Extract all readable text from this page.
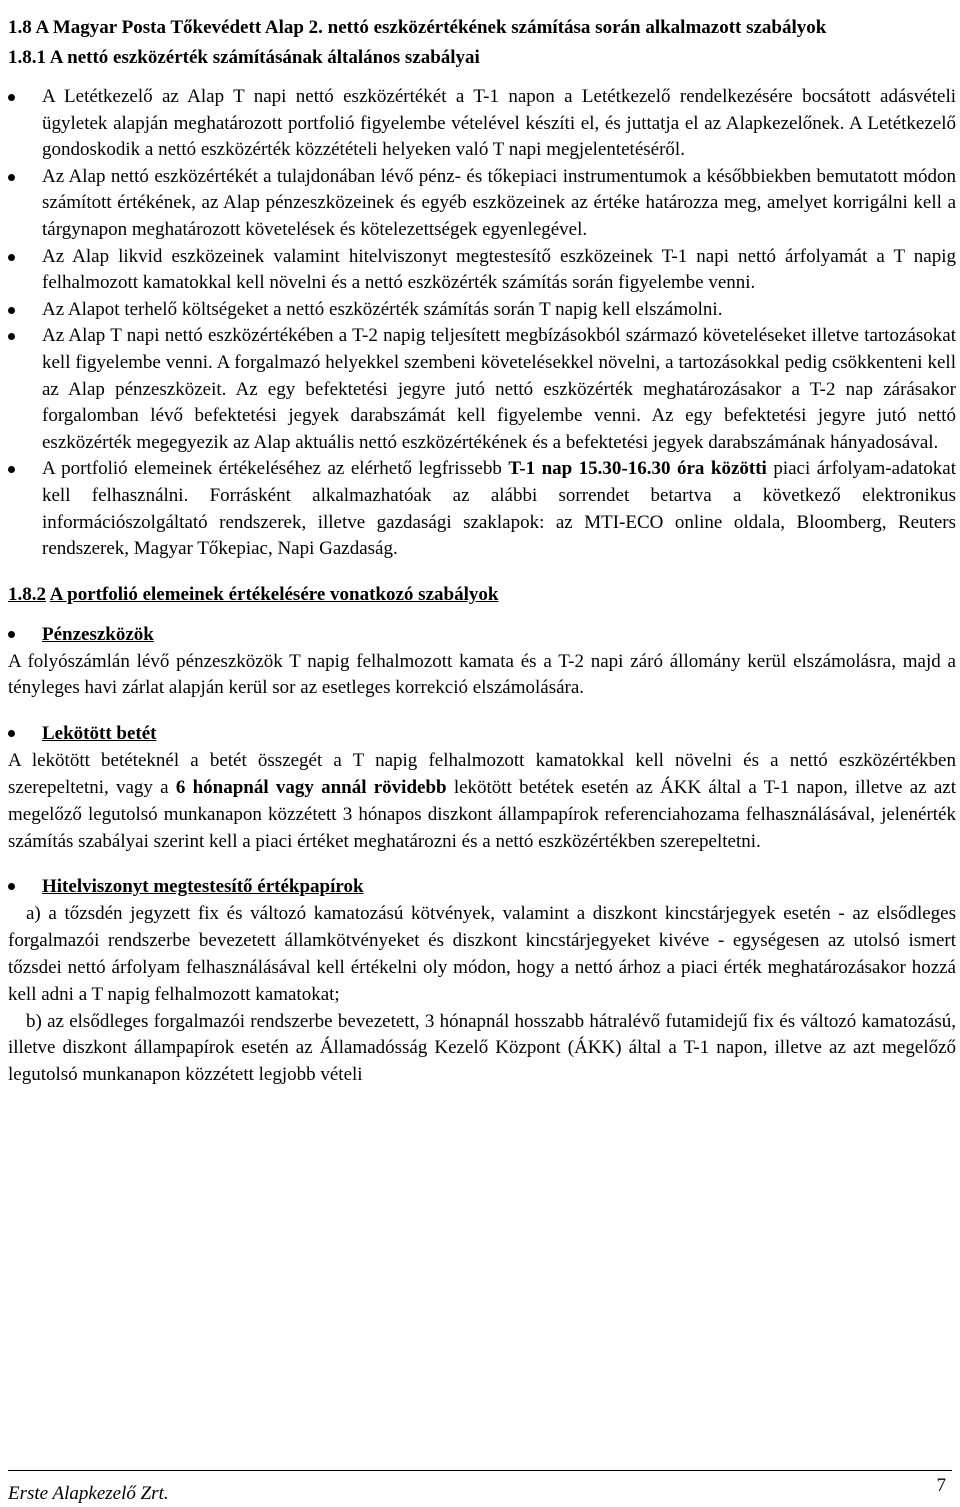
1.8 A Magyar Posta Tőkevédett Alap 2. nettó eszközértékének számítása során alkalmazott szabályok
1.8.1 A nettó eszközérték számításának általános szabályai
A Letétkezelő az Alap T napi nettó eszközértékét a T-1 napon a Letétkezelő rendelkezésére bocsátott adásvételi ügyletek alapján meghatározott portfolió figyelembe vételével készíti el, és juttatja el az Alapkezelőnek. A Letétkezelő gondoskodik a nettó eszközérték közzétételi helyeken való T napi megjelentetéséről.
Az Alap nettó eszközértékét a tulajdonában lévő pénz- és tőkepiaci instrumentumok a későbbiekben bemutatott módon számított értékének, az Alap pénzeszközeinek és egyéb eszközeinek az értéke határozza meg, amelyet korrigálni kell a tárgynapon meghatározott követelések és kötelezettségek egyenlegével.
Az Alap likvid eszközeinek valamint hitelviszonyt megtestesítő eszközeinek T-1 napi nettó árfolyamát a T napig felhalmozott kamatokkal kell növelni és a nettó eszközérték számítás során figyelembe venni.
Az Alapot terhelő költségeket a nettó eszközérték számítás során T napig kell elszámolni.
Az Alap T napi nettó eszközértékében a T-2 napig teljesített megbízásokból származó követeléseket illetve tartozásokat kell figyelembe venni. A forgalmazó helyekkel szembeni követelésekkel növelni, a tartozásokkal pedig csökkenteni kell az Alap pénzeszközeit. Az egy befektetési jegyre jutó nettó eszközérték meghatározásakor a T-2 nap zárásakor forgalomban lévő befektetési jegyek darabszámát kell figyelembe venni. Az egy befektetési jegyre jutó nettó eszközérték megegyezik az Alap aktuális nettó eszközértékének és a befektetési jegyek darabszámának hányadosával.
A portfolió elemeinek értékeléséhez az elérhető legfrissebb T-1 nap 15.30-16.30 óra közötti piaci árfolyam-adatokat kell felhasználni. Forrásként alkalmazhatóak az alábbi sorrendet betartva a következő elektronikus információszolgáltató rendszerek, illetve gazdasági szaklapok: az MTI-ECO online oldala, Bloomberg, Reuters rendszerek, Magyar Tőkepiac, Napi Gazdaság.
1.8.2 A portfolió elemeinek értékelésére vonatkozó szabályok
Pénzeszközök

A folyószámlán lévő pénzeszközök T napig felhalmozott kamata és a T-2 napi záró állomány kerül elszámolásra, majd a tényleges havi zárlat alapján kerül sor az esetleges korrekció elszámolására.

Lekötött betét

A lekötött betéteknél a betét összegét a T napig felhalmozott kamatokkal kell növelni és a nettó eszközértékben szerepeltetni, vagy a 6 hónapnál vagy annál rövidebb lekötött betétek esetén az ÁKK által a T-1 napon, illetve az azt megelőző legutolsó munkanapon közzétett 3 hónapos diszkont állampapírok referenciahozama felhasználásával, jelenérték számítás szabályai szerint kell a piaci értéket meghatározni és a nettó eszközértékben szerepeltetni.

Hitelviszonyt megtestesítő értékpapírok

a) a tőzsdén jegyzett fix és változó kamatozású kötvények, valamint a diszkont kincstárjegyek esetén - az elsődleges forgalmazói rendszerbe bevezetett államkötvényeket és diszkont kincstárjegyeket kivéve - egységesen az utolsó ismert tőzsdei nettó árfolyam felhasználásával kell értékelni oly módon, hogy a nettó árhoz a piaci érték meghatározásakor hozzá kell adni a T napig felhalmozott kamatokat;

b) az elsődleges forgalmazói rendszerbe bevezetett, 3 hónapnál hosszabb hátralévő futamidejű fix és változó kamatozású, illetve diszkont állampapírok esetén az Államadósság Kezelő Központ (ÁKK) által a T-1 napon, illetve az azt megelőző legutolsó munkanapon közzétett legjobb vételi

Erste Alapkezelő Zrt.	7
